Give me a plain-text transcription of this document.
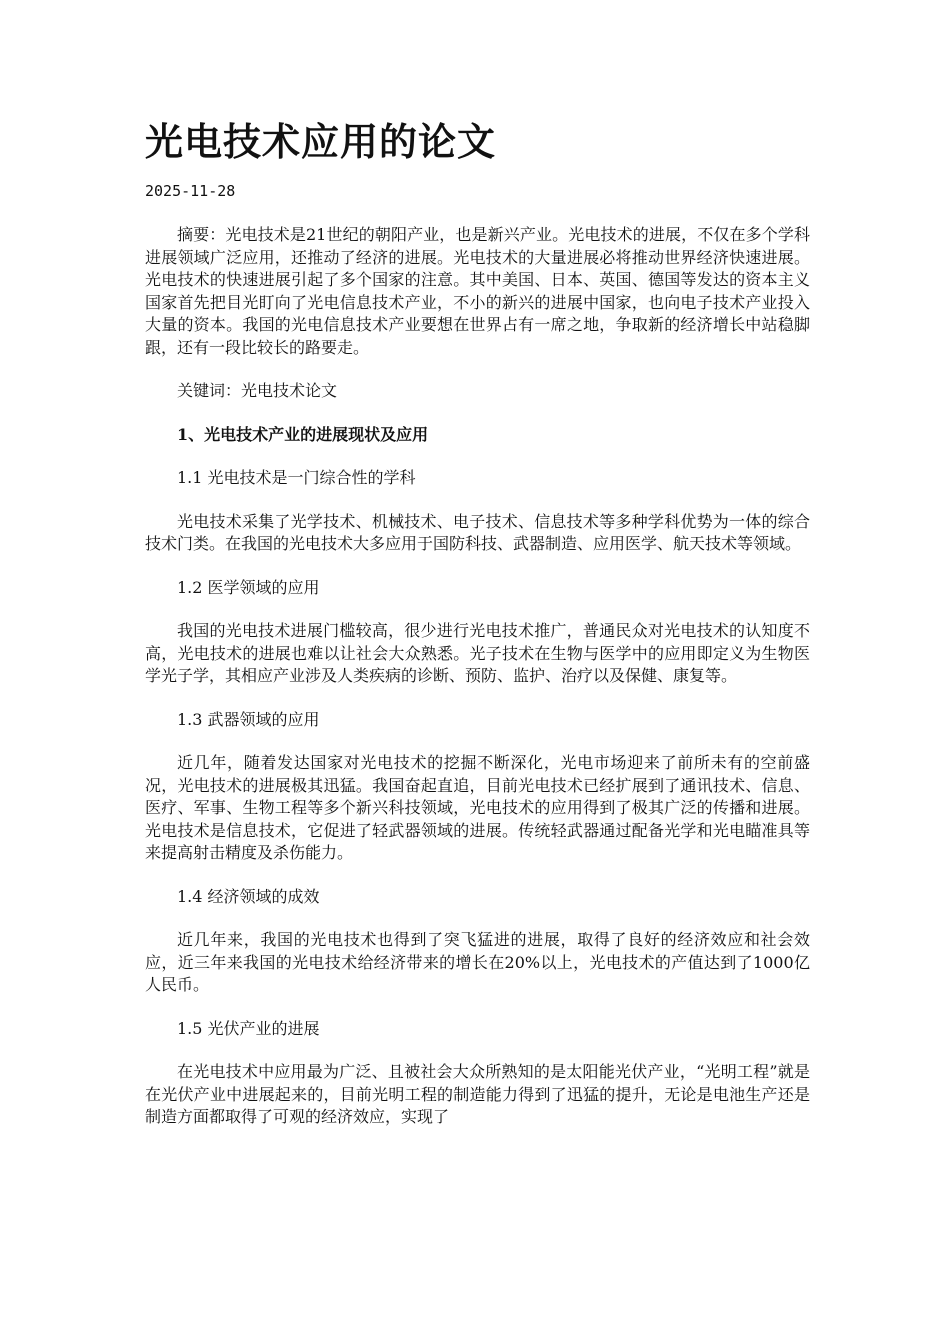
光电技术应用的论文
2025-11-28

摘要：光电技术是21世纪的朝阳产业，也是新兴产业。光电技术的进展，不仅在多个学科进展领域广泛应用，还推动了经济的进展。光电技术的大量进展必将推动世界经济快速进展。光电技术的快速进展引起了多个国家的注意。其中美国、日本、英国、德国等发达的资本主义国家首先把目光盯向了光电信息技术产业，不小的新兴的进展中国家，也向电子技术产业投入大量的资本。我国的光电信息技术产业要想在世界占有一席之地，争取新的经济增长中站稳脚跟，还有一段比较长的路要走。

关键词：光电技术论文

1、光电技术产业的进展现状及应用

1.1 光电技术是一门综合性的学科

光电技术采集了光学技术、机械技术、电子技术、信息技术等多种学科优势为一体的综合技术门类。在我国的光电技术大多应用于国防科技、武器制造、应用医学、航天技术等领域。

1.2 医学领域的应用

我国的光电技术进展门槛较高，很少进行光电技术推广，普通民众对光电技术的认知度不高，光电技术的进展也难以让社会大众熟悉。光子技术在生物与医学中的应用即定义为生物医学光子学，其相应产业涉及人类疾病的诊断、预防、监护、治疗以及保健、康复等。

1.3 武器领域的应用

近几年，随着发达国家对光电技术的挖掘不断深化，光电市场迎来了前所未有的空前盛况，光电技术的进展极其迅猛。我国奋起直追，目前光电技术已经扩展到了通讯技术、信息、医疗、军事、生物工程等多个新兴科技领域，光电技术的应用得到了极其广泛的传播和进展。光电技术是信息技术，它促进了轻武器领域的进展。传统轻武器通过配备光学和光电瞄准具等来提高射击精度及杀伤能力。

1.4 经济领域的成效

近几年来，我国的光电技术也得到了突飞猛进的进展，取得了良好的经济效应和社会效应，近三年来我国的光电技术给经济带来的增长在20%以上，光电技术的产值达到了1000亿人民币。

1.5 光伏产业的进展

在光电技术中应用最为广泛、且被社会大众所熟知的是太阳能光伏产业，“光明工程”就是在光伏产业中进展起来的，目前光明工程的制造能力得到了迅猛的提升，无论是电池生产还是制造方面都取得了可观的经济效应，实现了
